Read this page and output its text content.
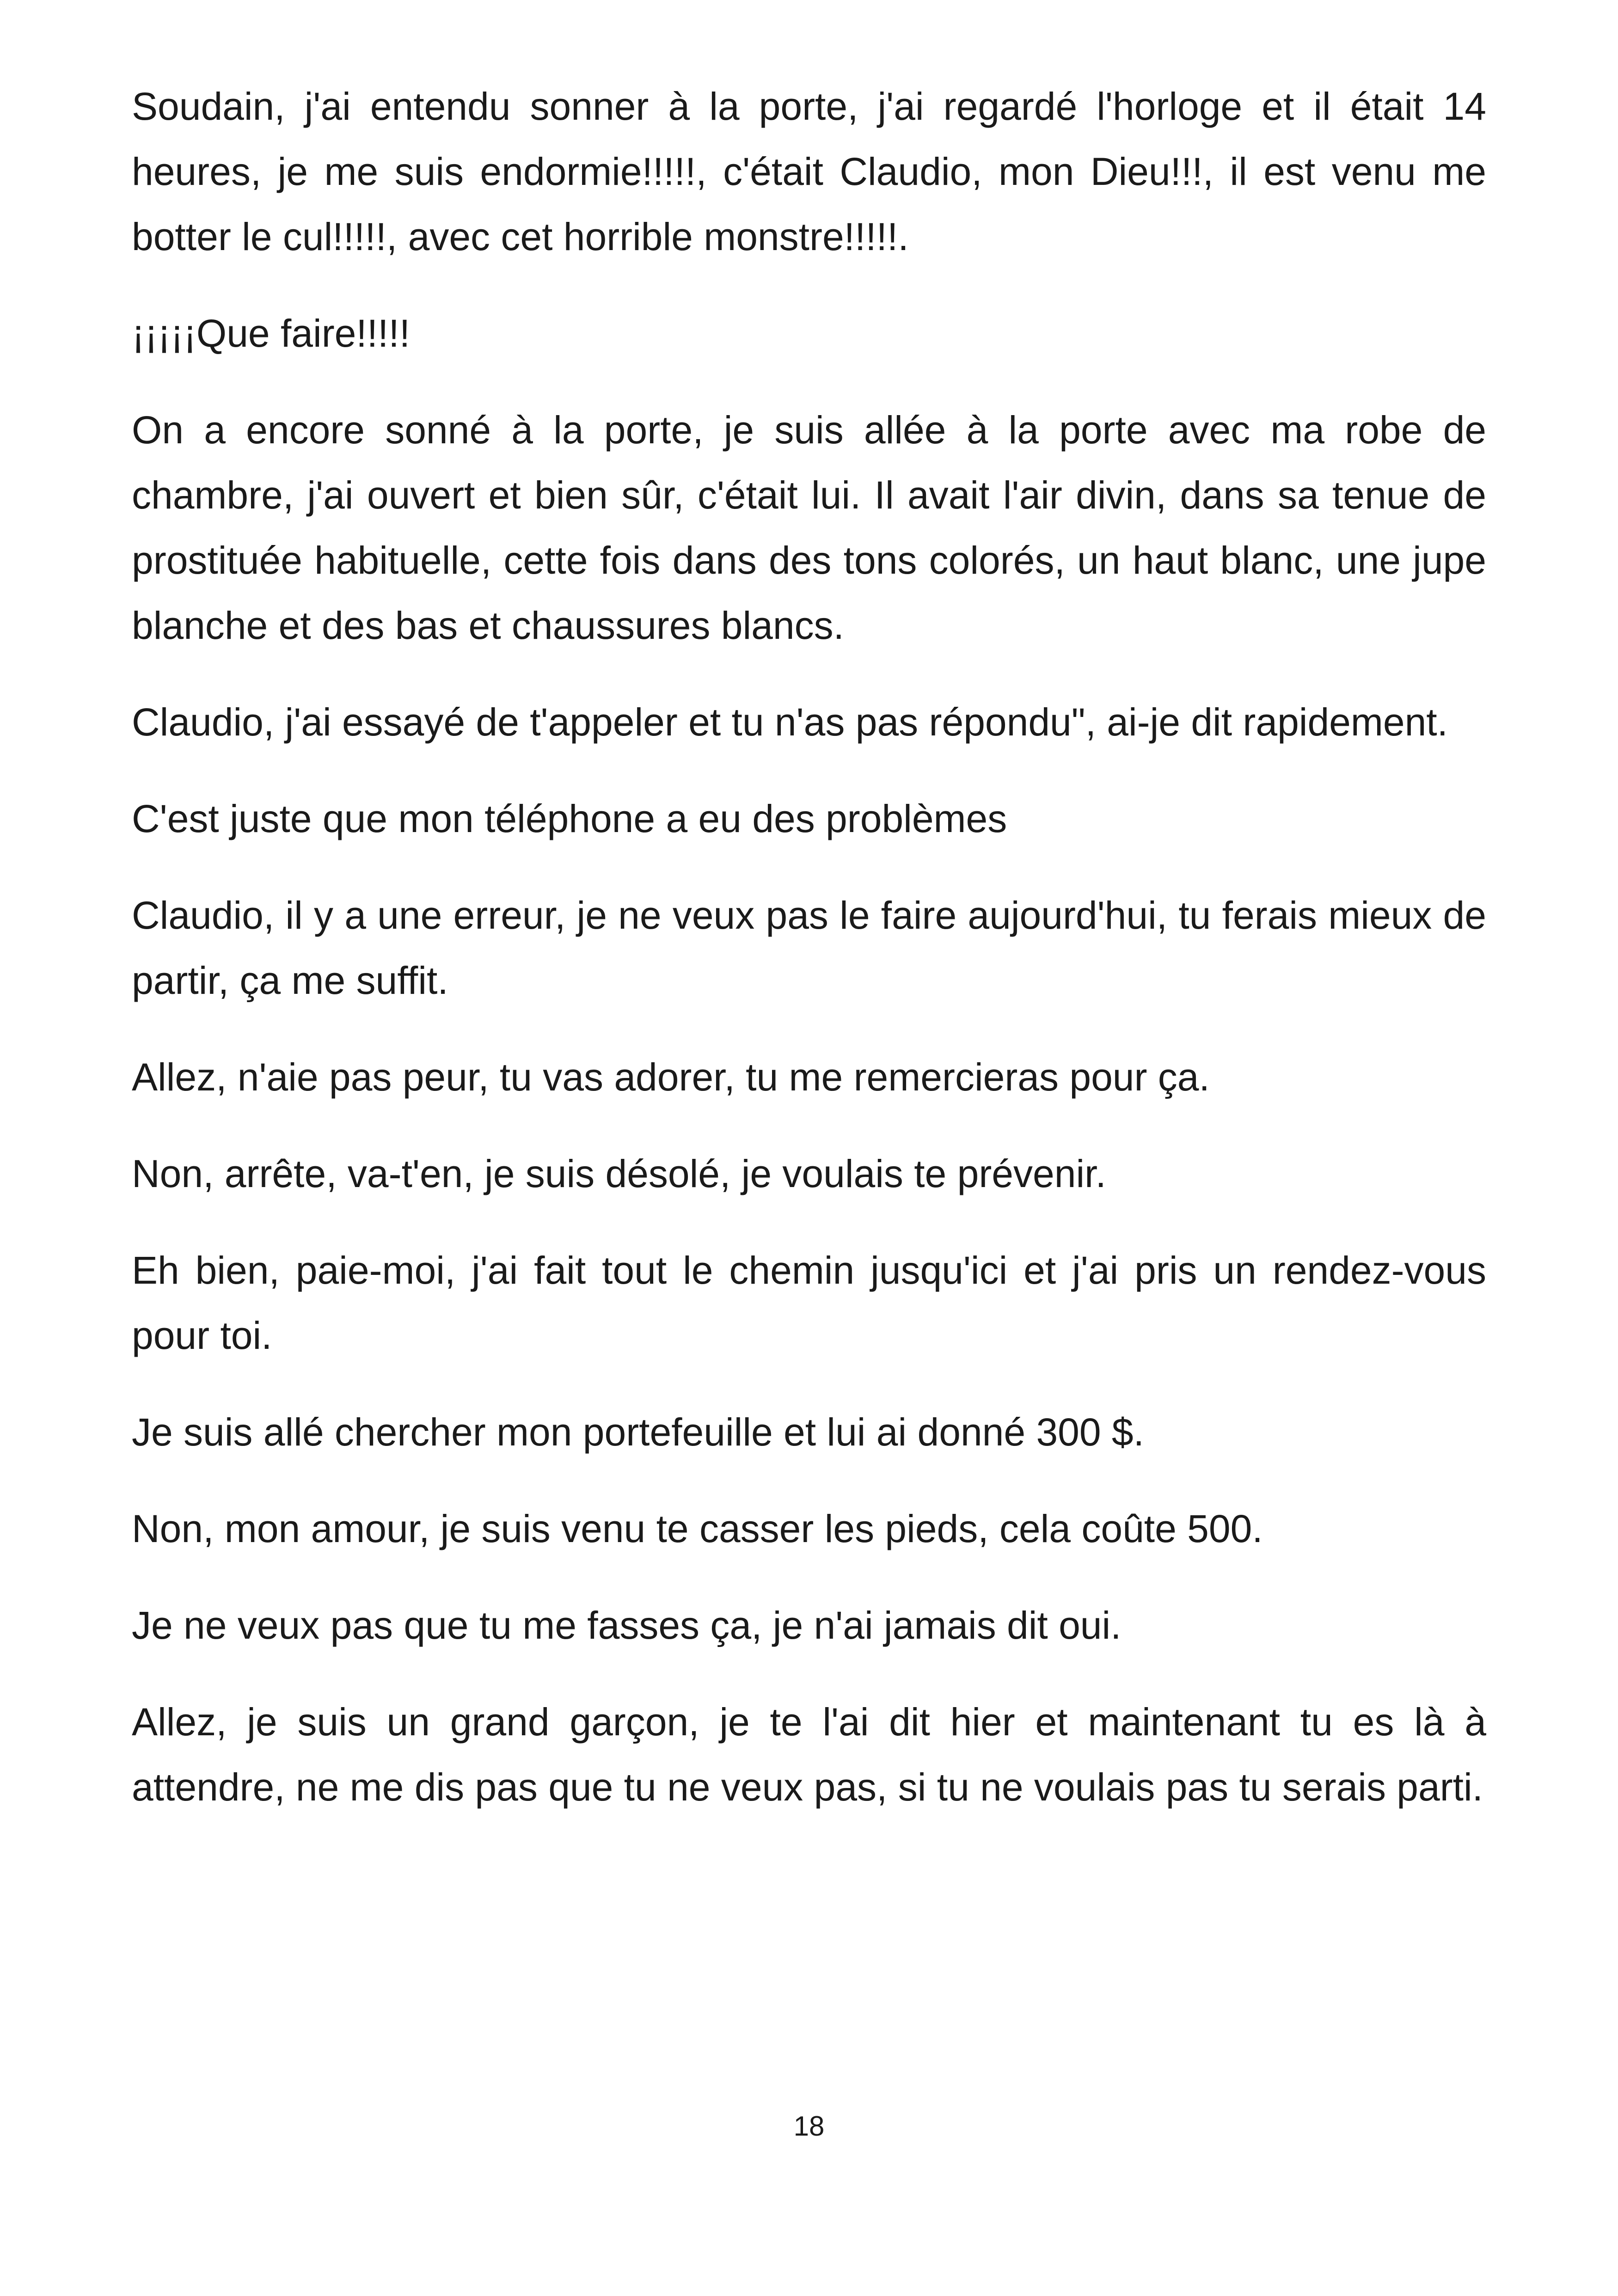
Soudain, j'ai entendu sonner à la porte, j'ai regardé l'horloge et il était 14 heures, je me suis endormie!!!!!, c'était Claudio, mon Dieu!!!, il est venu me botter le cul!!!!!, avec cet horrible monstre!!!!!.

¡¡¡¡¡Que faire!!!!!

On a encore sonné à la porte, je suis allée à la porte avec ma robe de chambre, j'ai ouvert et bien sûr, c'était lui. Il avait l'air divin, dans sa tenue de prostituée habituelle, cette fois dans des tons colorés, un haut blanc, une jupe blanche et des bas et chaussures blancs.

Claudio, j'ai essayé de t'appeler et tu n'as pas répondu", ai-je dit rapidement.

C'est juste que mon téléphone a eu des problèmes

Claudio, il y a une erreur, je ne veux pas le faire aujourd'hui, tu ferais mieux de partir, ça me suffit.

Allez, n'aie pas peur, tu vas adorer, tu me remercieras pour ça.

Non, arrête, va-t'en, je suis désolé, je voulais te prévenir.

Eh bien, paie-moi, j'ai fait tout le chemin jusqu'ici et j'ai pris un rendez-vous pour toi.

Je suis allé chercher mon portefeuille et lui ai donné 300 $.

Non, mon amour, je suis venu te casser les pieds, cela coûte 500.

Je ne veux pas que tu me fasses ça, je n'ai jamais dit oui.

Allez, je suis un grand garçon, je te l'ai dit hier et maintenant tu es là à attendre, ne me dis pas que tu ne veux pas, si tu ne voulais pas tu serais parti.

18
